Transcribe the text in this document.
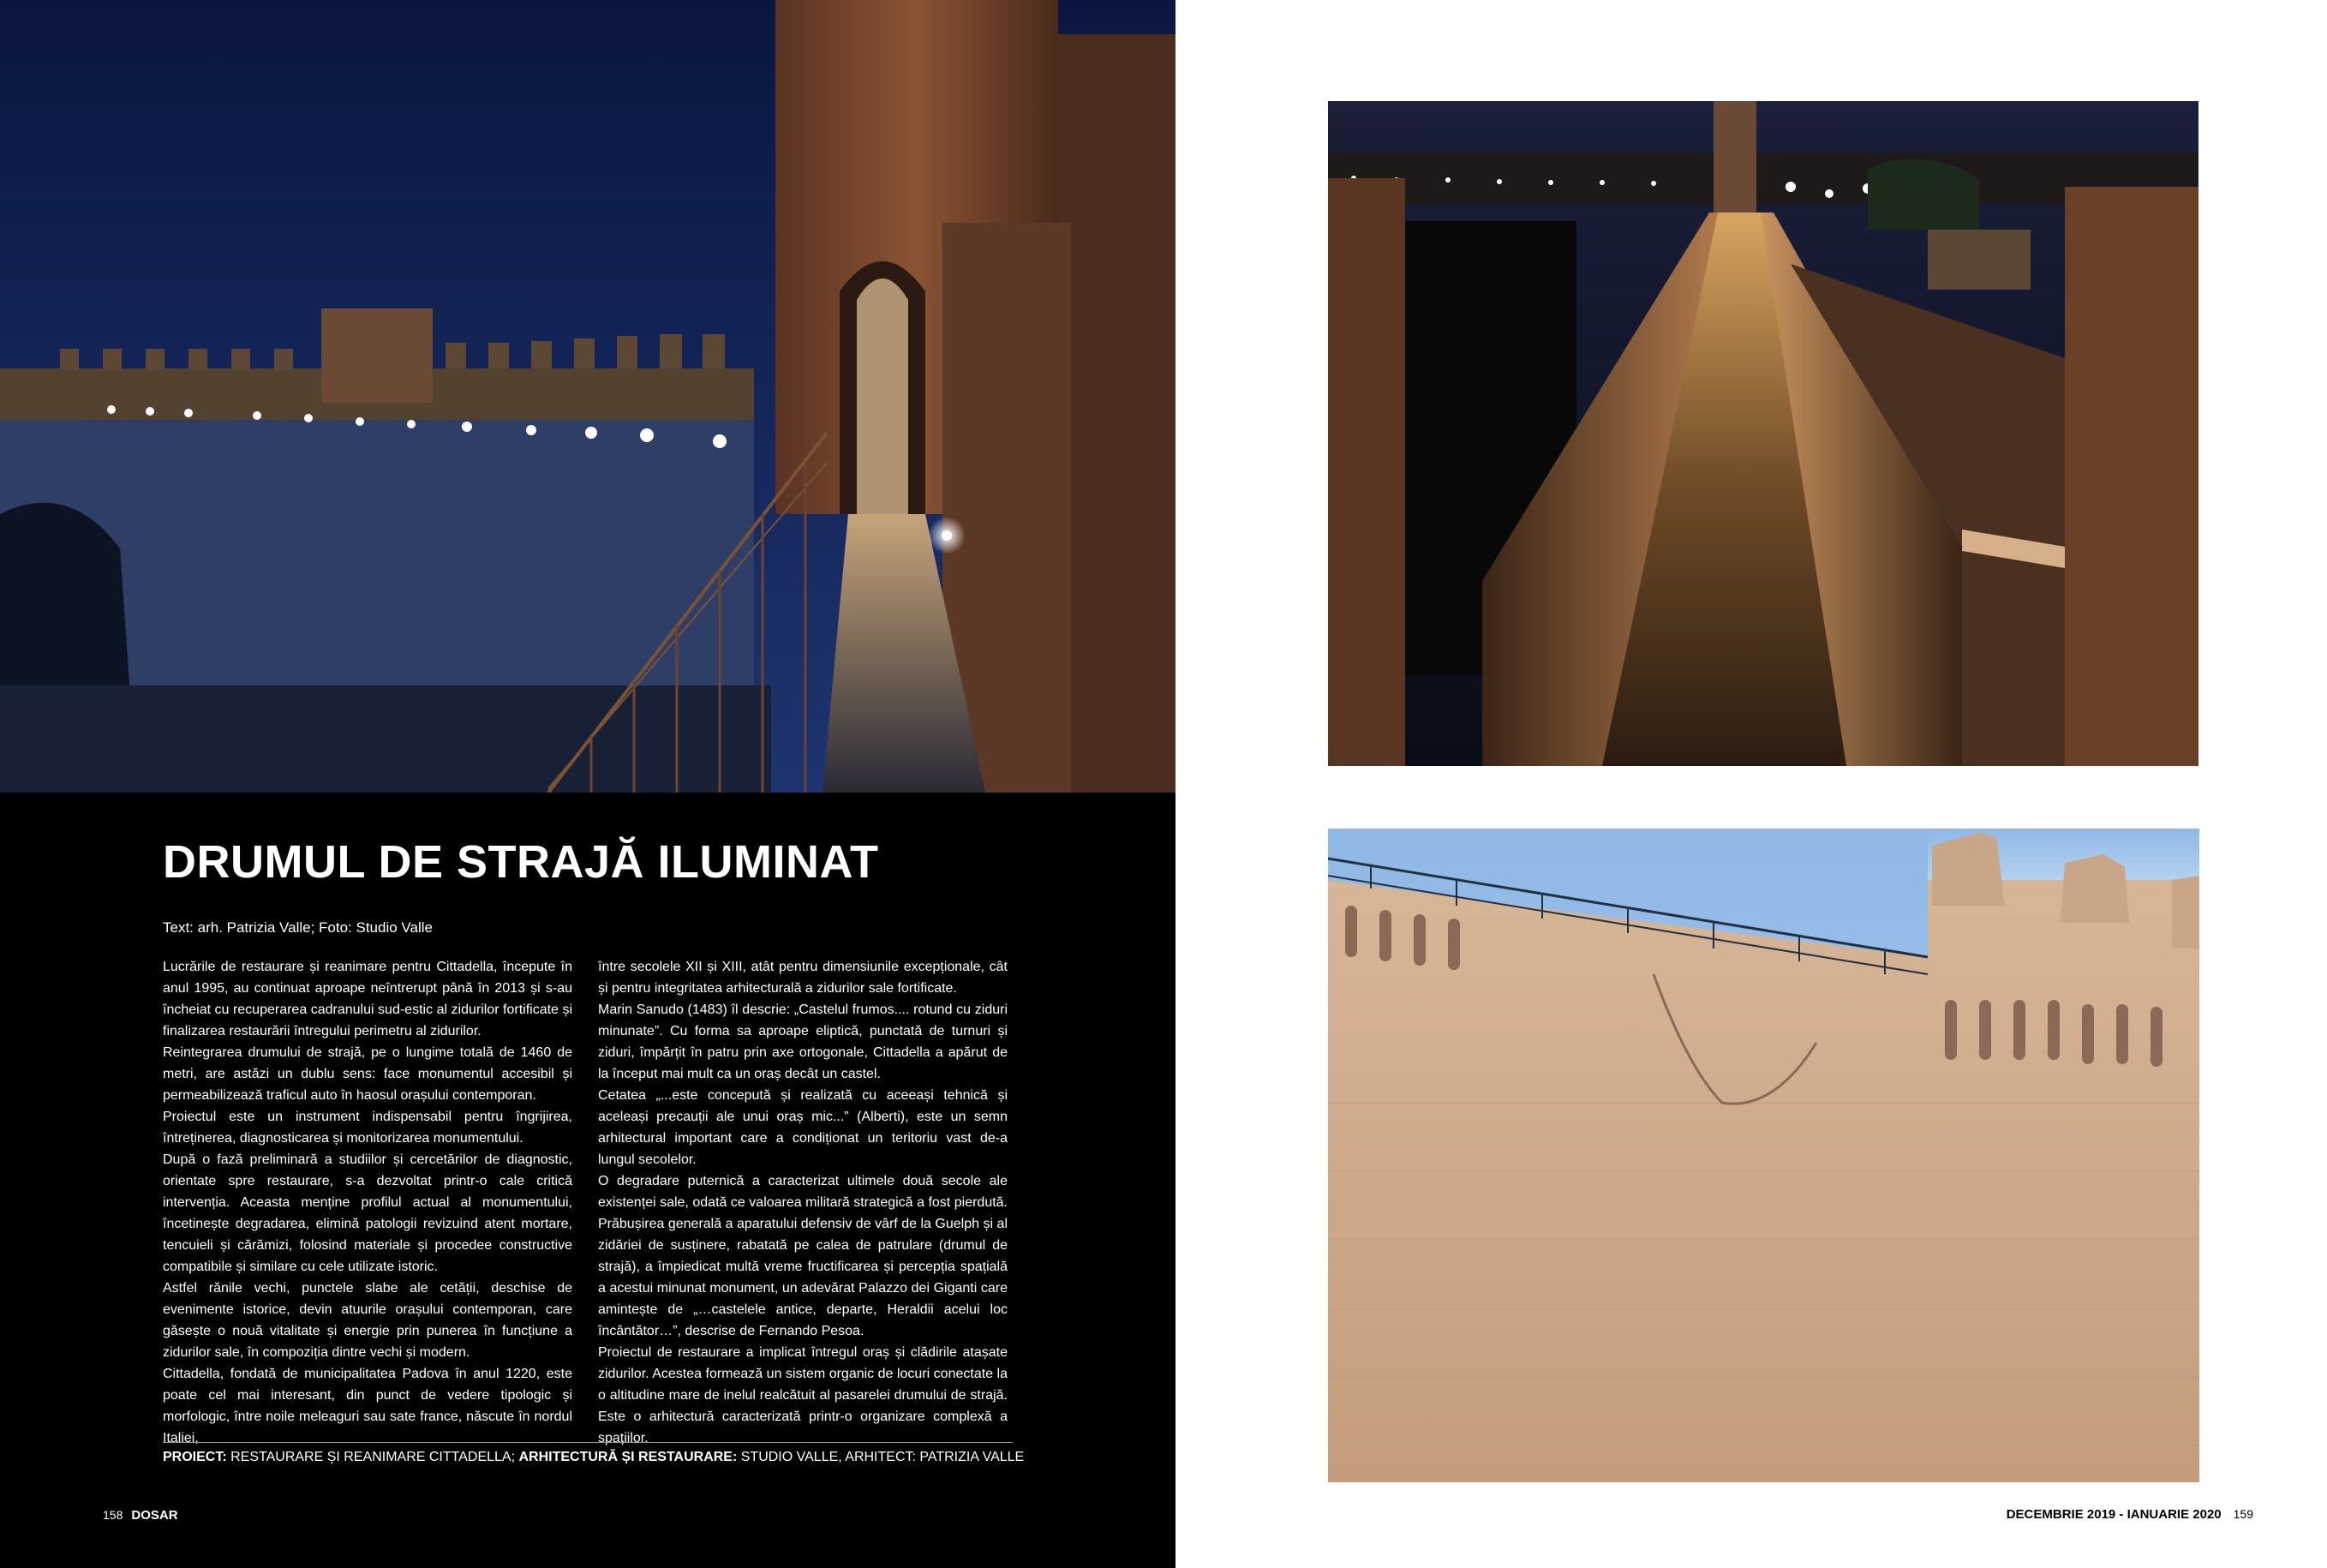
DRUMUL DE STRAJĂ ILUMINAT
Text: arh. Patrizia Valle; Foto: Studio Valle

Lucrările de restaurare și reanimare pentru Cittadella, începute în anul 1995, au continuat aproape neîntrerupt până în 2013 și s-au încheiat cu recuperarea cadranului sud-estic al zidurilor fortificate și finalizarea restaurării întregului perimetru al zidurilor.

Reintegrarea drumului de strajă, pe o lungime totală de 1460 de metri, are astăzi un dublu sens: face monumentul accesibil și permeabilizează traficul auto în haosul orașului contemporan.

Proiectul este un instrument indispensabil pentru îngrijirea, întreținerea, diagnosticarea și monitorizarea monumentului.

După o fază preliminară a studiilor și cercetărilor de diagnostic, orientate spre restaurare, s-a dezvoltat printr-o cale critică intervenția. Aceasta menține profilul actual al monumentului, încetinește degradarea, elimină patologii revizuind atent mortare, tencuieli și cărămizi, folosind materiale și procedee constructive compatibile și similare cu cele utilizate istoric.

Astfel rănile vechi, punctele slabe ale cetății, deschise de evenimente istorice, devin atuurile orașului contemporan, care găsește o nouă vitalitate și energie prin punerea în funcțiune a zidurilor sale, în compoziția dintre vechi și modern.

Cittadella, fondată de municipalitatea Padova în anul 1220, este poate cel mai interesant, din punct de vedere tipologic și morfologic, între noile meleaguri sau sate france, născute în nordul Italiei,

între secolele XII și XIII, atât pentru dimensiunile excepționale, cât și pentru integritatea arhitecturală a zidurilor sale fortificate.

Marin Sanudo (1483) îl descrie: „Castelul frumos.... rotund cu ziduri minunate”. Cu forma sa aproape eliptică, punctată de turnuri și ziduri, împărțit în patru prin axe ortogonale, Cittadella a apărut de la început mai mult ca un oraș decât un castel.

Cetatea „...este concepută și realizată cu aceeași tehnică și aceleași precauții ale unui oraș mic...” (Alberti), este un semn arhitectural important care a condiționat un teritoriu vast de-a lungul secolelor.

O degradare puternică a caracterizat ultimele două secole ale existenței sale, odată ce valoarea militară strategică a fost pierdută. Prăbușirea generală a aparatului defensiv de vârf de la Guelph și al zidăriei de susținere, rabatată pe calea de patrulare (drumul de strajă), a împiedicat multă vreme fructificarea și percepția spațială a acestui minunat monument, un adevărat Palazzo dei Giganti care amintește de „…castelele antice, departe, Heraldii acelui loc încântător…”, descrise de Fernando Pesoa.

Proiectul de restaurare a implicat întregul oraș și clădirile atașate zidurilor. Acestea formează un sistem organic de locuri conectate la o altitudine mare de inelul realcătuit al pasarelei drumului de strajă. Este o arhitectură caracterizată printr-o organizare complexă a spațiilor.

PROIECT: RESTAURARE ȘI REANIMARE CITTADELLA; ARHITECTURĂ ȘI RESTAURARE: STUDIO VALLE, ARHITECT: PATRIZIA VALLE
158 DOSAR	DECEMBRIE 2019 - IANUARIE 2020 159
